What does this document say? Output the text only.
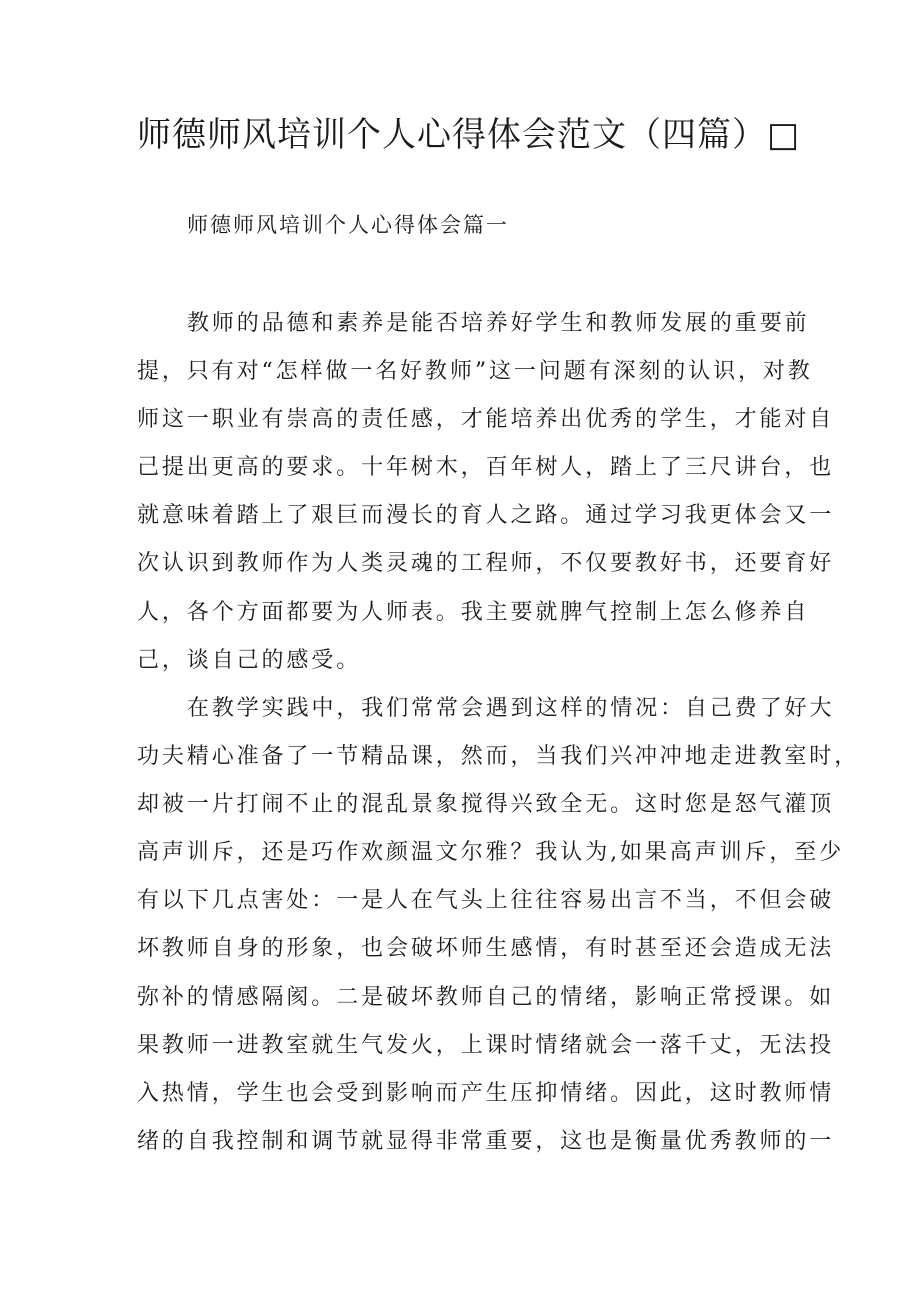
师德师风培训个人心得体会范文（四篇）□
师德师风培训个人心得体会篇一
教师的品德和素养是能否培养好学生和教师发展的重要前
提，只有对“怎样做一名好教师”这一问题有深刻的认识，对教
师这一职业有崇高的责任感，才能培养出优秀的学生，才能对自
己提出更高的要求。十年树木，百年树人，踏上了三尺讲台，也
就意味着踏上了艰巨而漫长的育人之路。通过学习我更体会又一
次认识到教师作为人类灵魂的工程师，不仅要教好书，还要育好
人，各个方面都要为人师表。我主要就脾气控制上怎么修养自
己，谈自己的感受。
在教学实践中，我们常常会遇到这样的情况：自己费了好大
功夫精心准备了一节精品课，然而，当我们兴冲冲地走进教室时，
却被一片打闹不止的混乱景象搅得兴致全无。这时您是怒气灌顶
高声训斥，还是巧作欢颜温文尔雅？我认为,如果高声训斥，至少
有以下几点害处：一是人在气头上往往容易出言不当，不但会破
坏教师自身的形象，也会破坏师生感情，有时甚至还会造成无法
弥补的情感隔阂。二是破坏教师自己的情绪，影响正常授课。如
果教师一进教室就生气发火，上课时情绪就会一落千丈，无法投
入热情，学生也会受到影响而产生压抑情绪。因此，这时教师情
绪的自我控制和调节就显得非常重要，这也是衡量优秀教师的一
